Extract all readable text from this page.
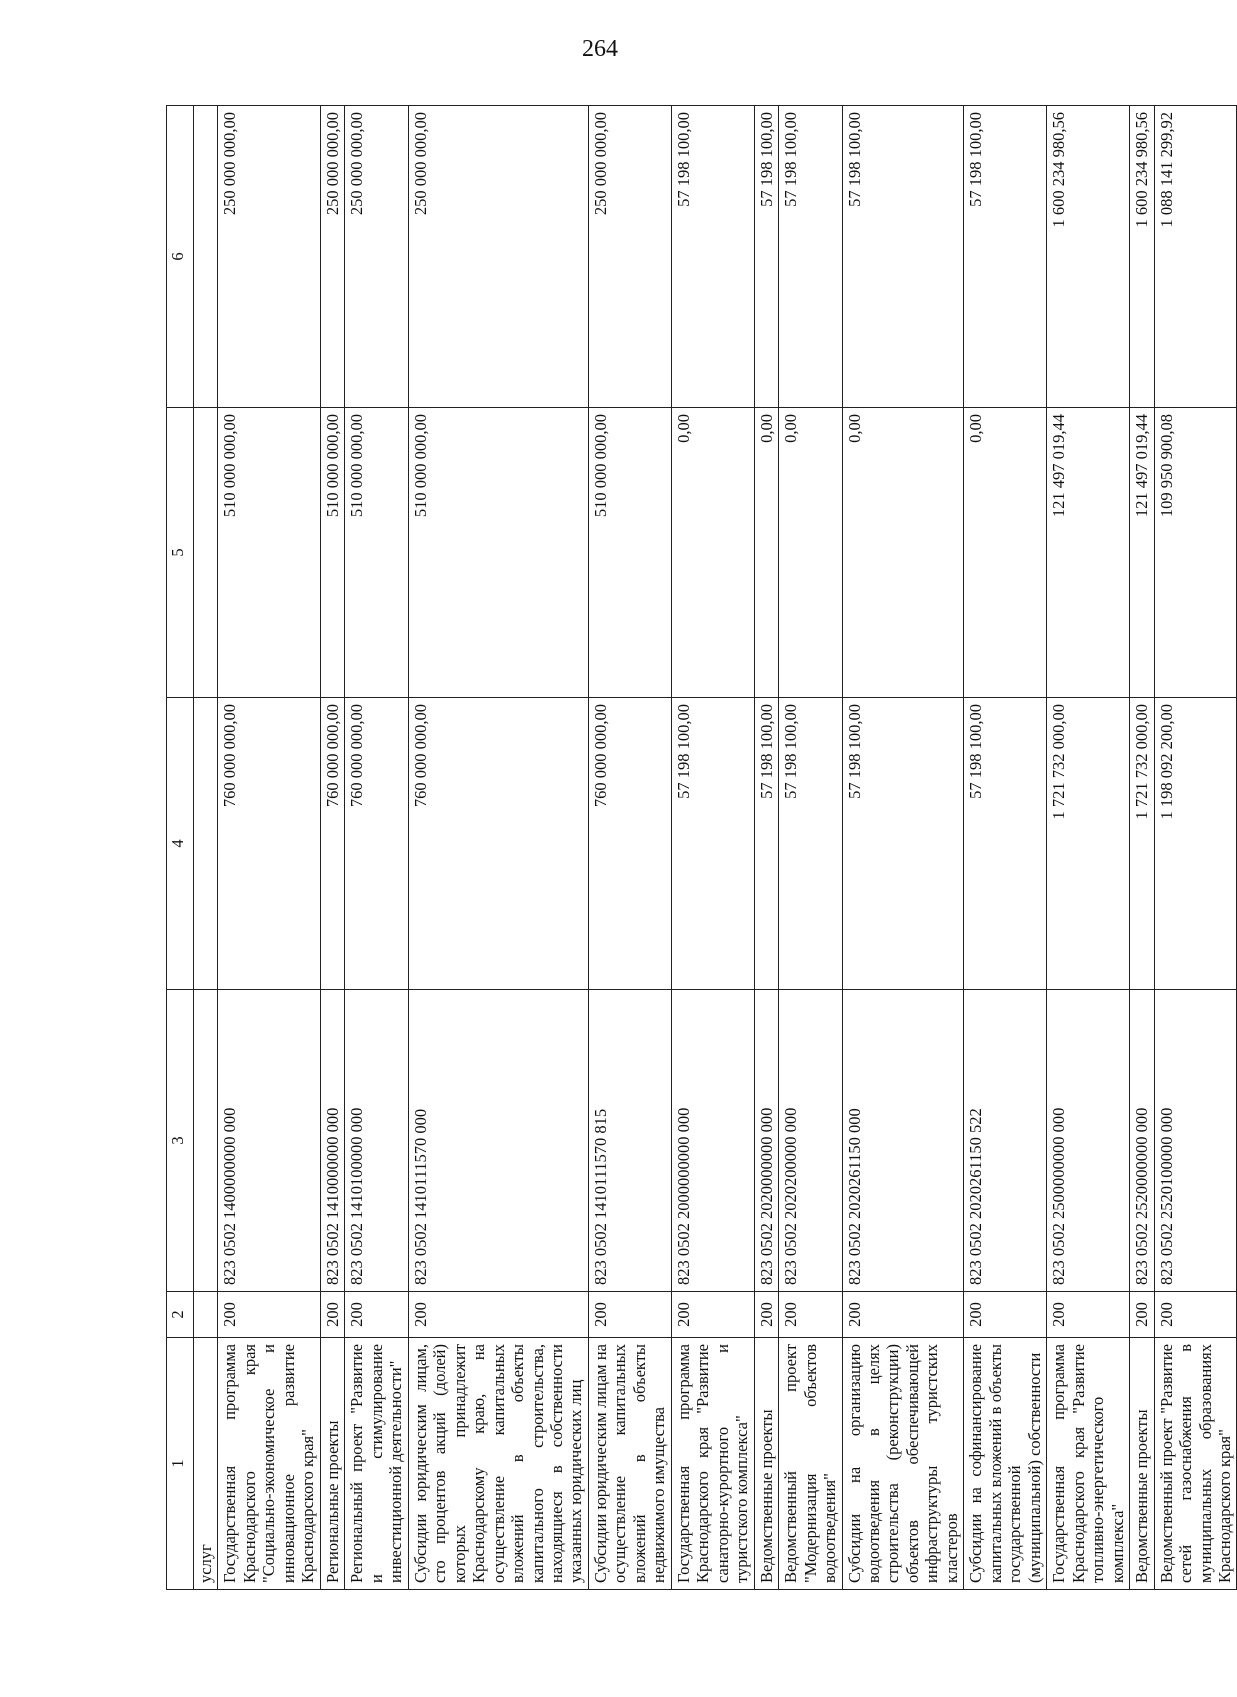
264
1	2	3	4	5	6
услуг					
Государственная программа Краснодарского края "Социально-экономическое и инновационное развитие Краснодарского края"	200	823 0502 1400000000 000	760 000 000,00	510 000 000,00	250 000 000,00
Региональные проекты	200	823 0502 1410000000 000	760 000 000,00	510 000 000,00	250 000 000,00
Региональный проект "Развитие и стимулирование инвестиционной деятельности"	200	823 0502 1410100000 000	760 000 000,00	510 000 000,00	250 000 000,00
Субсидии юридическим лицам, сто процентов акций (долей) которых принадлежит Краснодарскому краю, на осуществление капитальных вложений в объекты капитального строительства, находящиеся в собственности указанных юридических лиц	200	823 0502 1410111570 000	760 000 000,00	510 000 000,00	250 000 000,00
Субсидии юридическим лицам на осуществление капитальных вложений в объекты недвижимого имущества	200	823 0502 1410111570 815	760 000 000,00	510 000 000,00	250 000 000,00
Государственная программа Краснодарского края "Развитие санаторно-курортного и туристского комплекса"	200	823 0502 2000000000 000	57 198 100,00	0,00	57 198 100,00
Ведомственные проекты	200	823 0502 2020000000 000	57 198 100,00	0,00	57 198 100,00
Ведомственный проект "Модернизация объектов водоотведения"	200	823 0502 2020200000 000	57 198 100,00	0,00	57 198 100,00
Субсидии на организацию водоотведения в целях строительства (реконструкции) объектов обеспечивающей инфраструктуры туристских кластеров	200	823 0502 2020261150 000	57 198 100,00	0,00	57 198 100,00
Субсидии на софинансирование капитальных вложений в объекты государственной (муниципальной) собственности	200	823 0502 2020261150 522	57 198 100,00	0,00	57 198 100,00
Государственная программа Краснодарского края "Развитие топливно-энергетического комплекса"	200	823 0502 2500000000 000	1 721 732 000,00	121 497 019,44	1 600 234 980,56
Ведомственные проекты	200	823 0502 2520000000 000	1 721 732 000,00	121 497 019,44	1 600 234 980,56
Ведомственный проект "Развитие сетей газоснабжения в муниципальных образованиях Краснодарского края"	200	823 0502 2520100000 000	1 198 092 200,00	109 950 900,08	1 088 141 299,92
